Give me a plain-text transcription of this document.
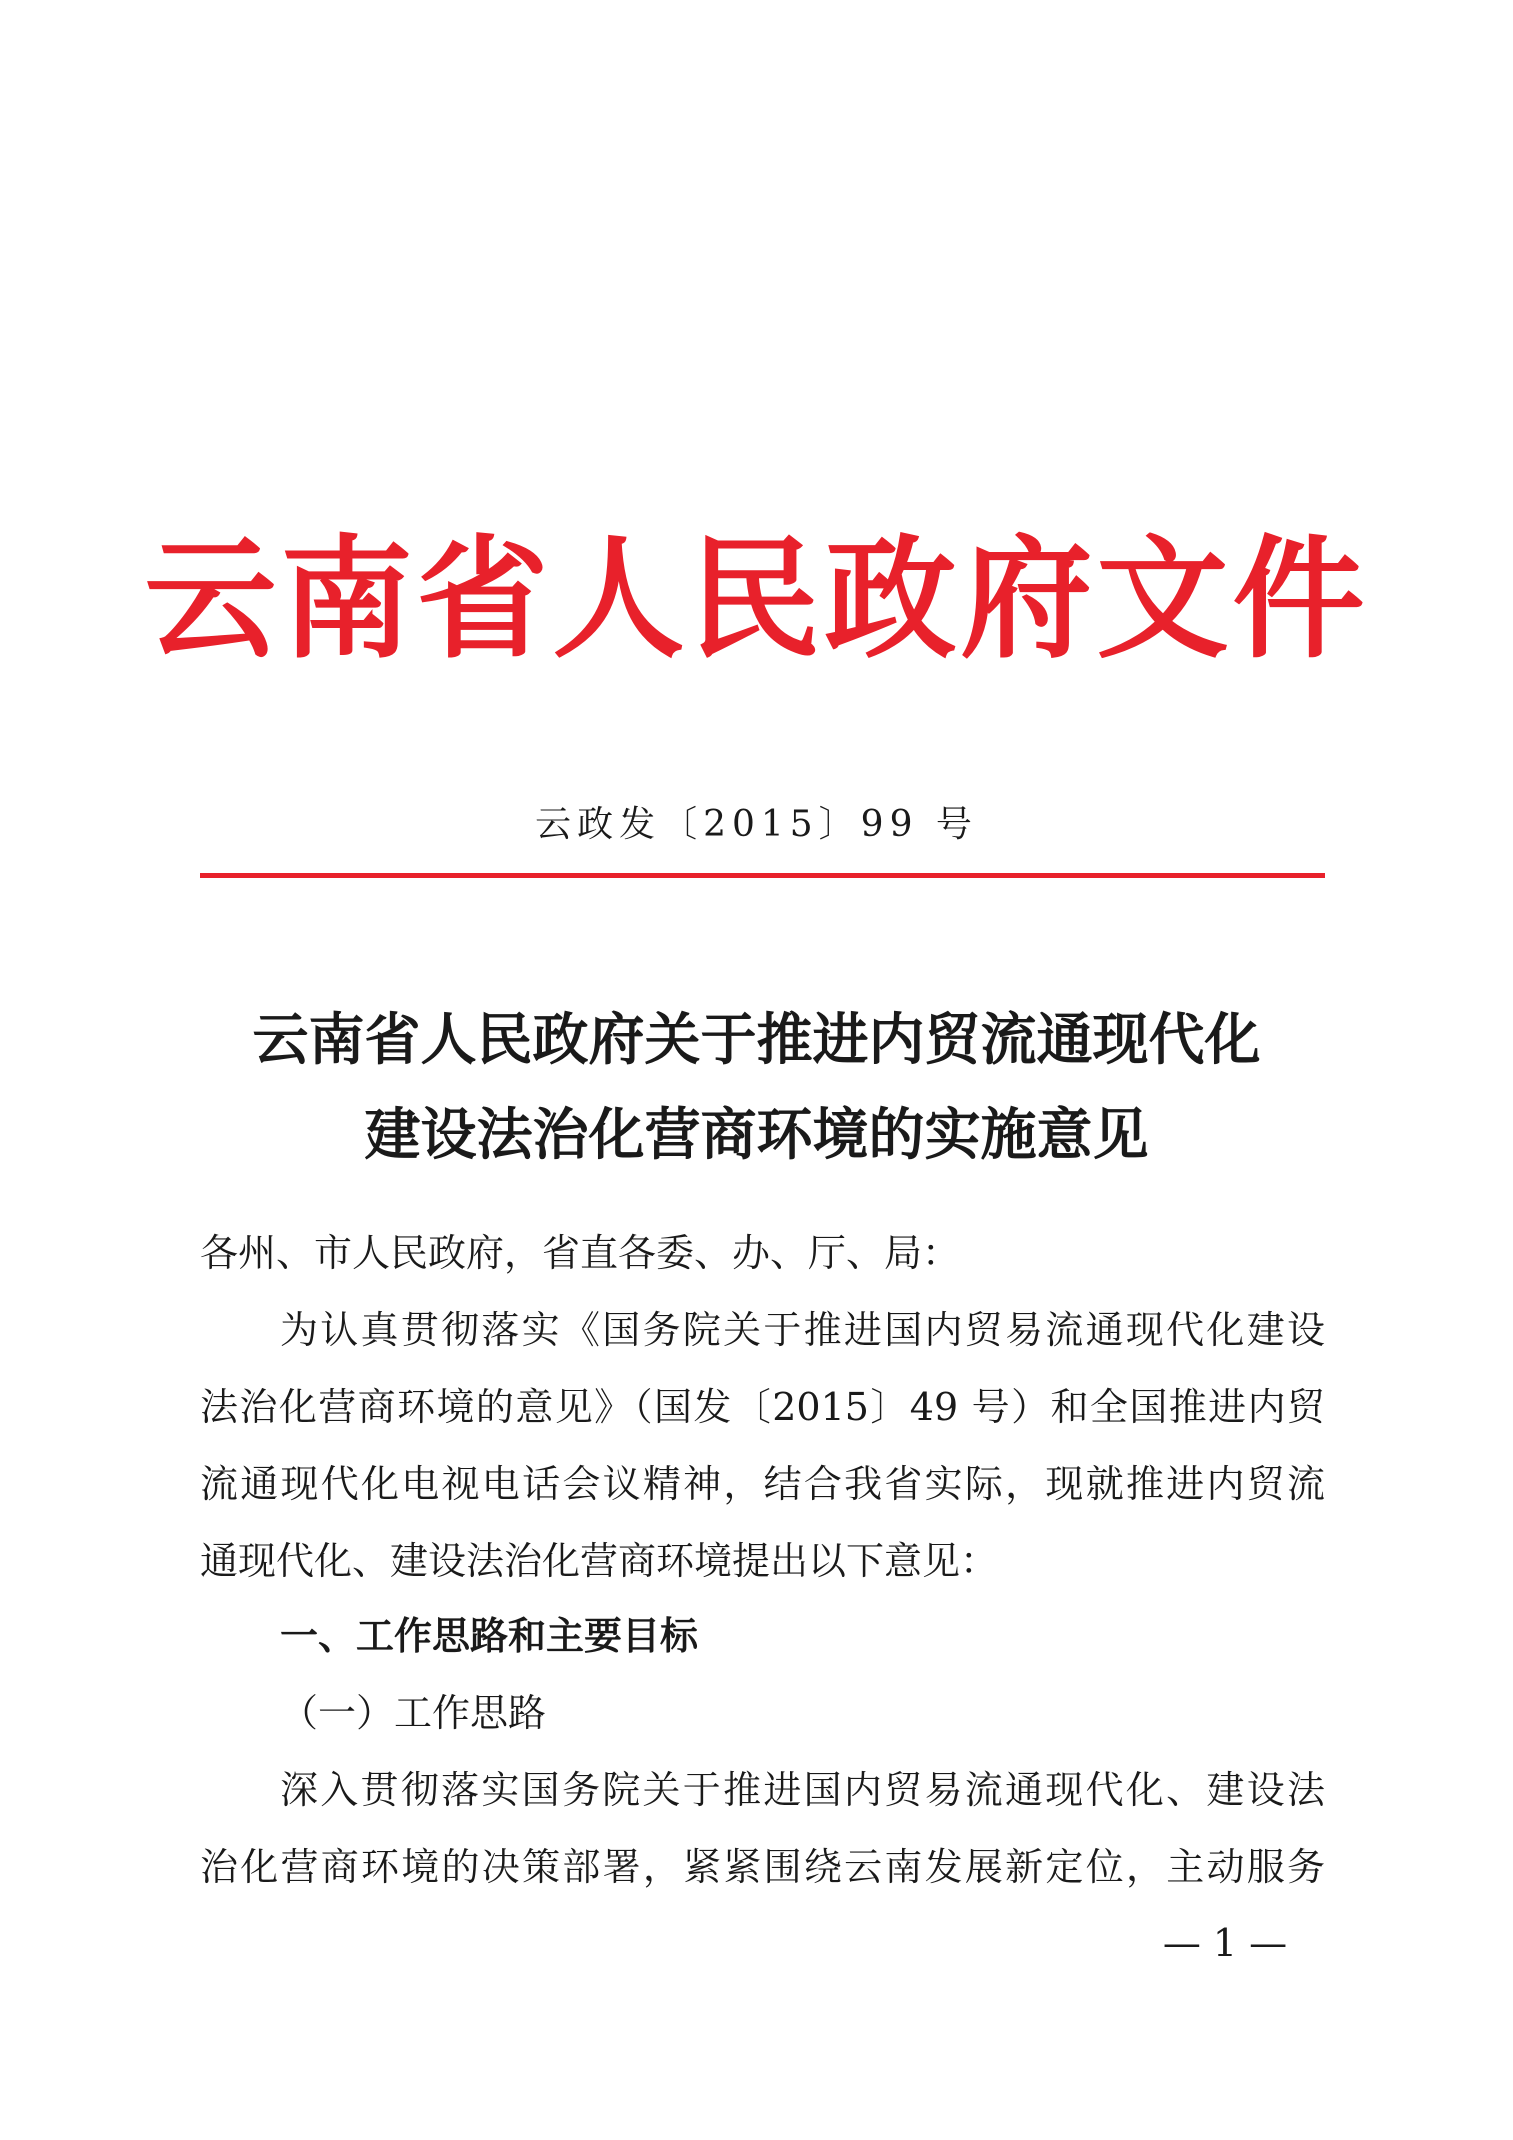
云南省人民政府文件
云政发〔2015〕99 号
云南省人民政府关于推进内贸流通现代化
建设法治化营商环境的实施意见
各州、市人民政府，省直各委、办、厅、局：
为认真贯彻落实《国务院关于推进国内贸易流通现代化建设
法治化营商环境的意见》（国发〔2015〕49 号）和全国推进内贸
流通现代化电视电话会议精神，结合我省实际，现就推进内贸流
通现代化、建设法治化营商环境提出以下意见：
一、工作思路和主要目标
（一）工作思路
深入贯彻落实国务院关于推进国内贸易流通现代化、建设法
治化营商环境的决策部署，紧紧围绕云南发展新定位，主动服务
— 1 —
